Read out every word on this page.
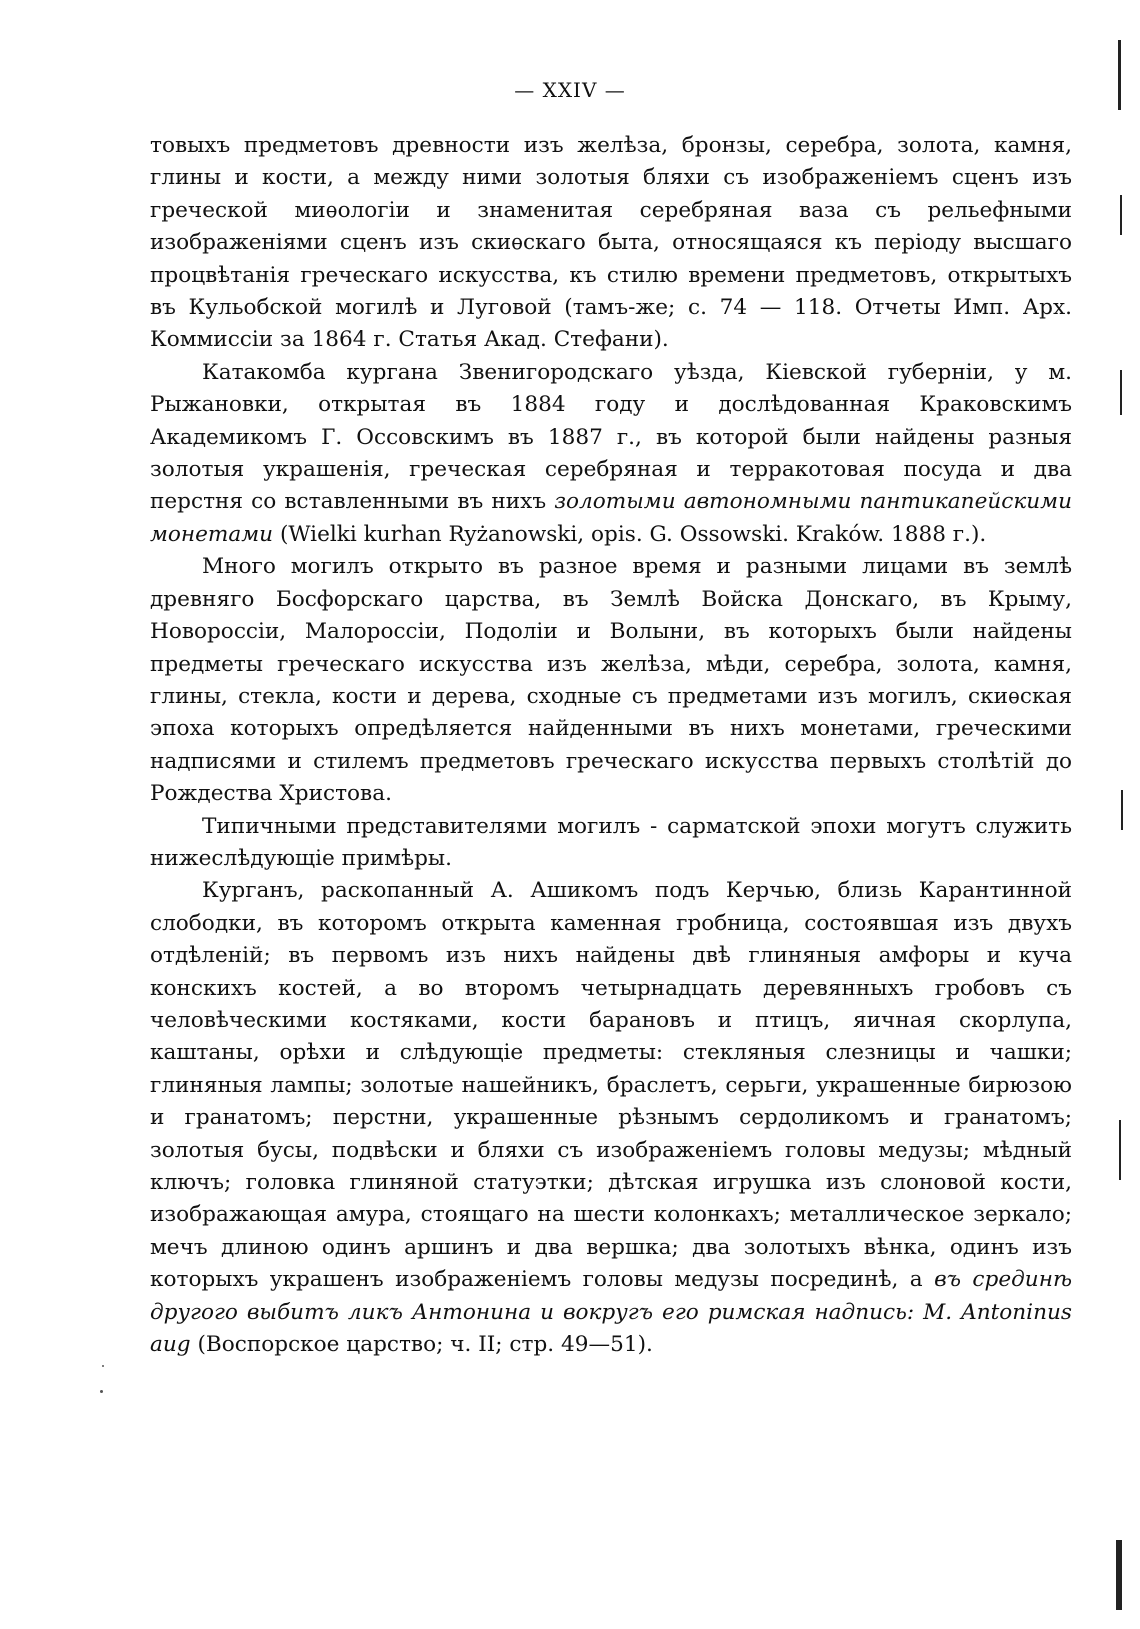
— XXIV —

товыхъ предметовъ древности изъ желѣза, бронзы, серебра, золота, камня, глины и кости, а между ними золотыя бляхи съ изображеніемъ сценъ изъ греческой миѳологіи и знаменитая серебряная ваза съ рельефными изображеніями сценъ изъ скиѳскаго быта, относящаяся къ періоду высшаго процвѣтанія греческаго искусства, къ стилю времени предметовъ, открытыхъ въ Кульобской могилѣ и Луговой (тамъ-же; с. 74 — 118. Отчеты Имп. Арх. Коммиссіи за 1864 г. Статья Акад. Стефани).

Катакомба кургана Звенигородскаго уѣзда, Кіевской губерніи, у м. Рыжановки, открытая въ 1884 году и дослѣдованная Краковскимъ Академикомъ Г. Оссовскимъ въ 1887 г., въ которой были найдены разныя золотыя украшенія, греческая серебряная и терракотовая посуда и два перстня со вставленными въ нихъ золотыми автономными пантикапейскими монетами (Wielki kurhan Ryżanowski, opis. G. Ossowski. Kraków. 1888 г.).

Много могилъ открыто въ разное время и разными лицами въ землѣ древняго Босфорскаго царства, въ Землѣ Войска Донскаго, въ Крыму, Новороссіи, Малороссіи, Подоліи и Волыни, въ которыхъ были найдены предметы греческаго искусства изъ желѣза, мѣди, серебра, золота, камня, глины, стекла, кости и дерева, сходные съ предметами изъ могилъ, скиѳская эпоха которыхъ опредѣляется найденными въ нихъ монетами, греческими надписями и стилемъ предметовъ греческаго искусства первыхъ столѣтій до Рождества Христова.

Типичными представителями могилъ - сарматской эпохи могутъ служить нижеслѣдующіе примѣры.

Курганъ, раскопанный А. Ашикомъ подъ Керчью, близь Карантинной слободки, въ которомъ открыта каменная гробница, состоявшая изъ двухъ отдѣленій; въ первомъ изъ нихъ найдены двѣ глиняныя амфоры и куча конскихъ костей, а во второмъ четырнадцать деревянныхъ гробовъ съ человѣческими костяками, кости барановъ и птицъ, яичная скорлупа, каштаны, орѣхи и слѣдующіе предметы: стекляныя слезницы и чашки; глиняныя лампы; золотые нашейникъ, браслетъ, серьги, украшенные бирюзою и гранатомъ; перстни, украшенные рѣзнымъ сердоликомъ и гранатомъ; золотыя бусы, подвѣски и бляхи съ изображеніемъ головы медузы; мѣдный ключъ; головка глиняной статуэтки; дѣтская игрушка изъ слоновой кости, изображающая амура, стоящаго на шести колонкахъ; металлическое зеркало; мечъ длиною одинъ аршинъ и два вершка; два золотыхъ вѣнка, одинъ изъ которыхъ украшенъ изображеніемъ головы медузы посрединѣ, а въ срединѣ другого выбитъ ликъ Антонина и вокругъ его римская надпись: M. Antoninus aug (Воспорское царство; ч. II; стр. 49—51).
